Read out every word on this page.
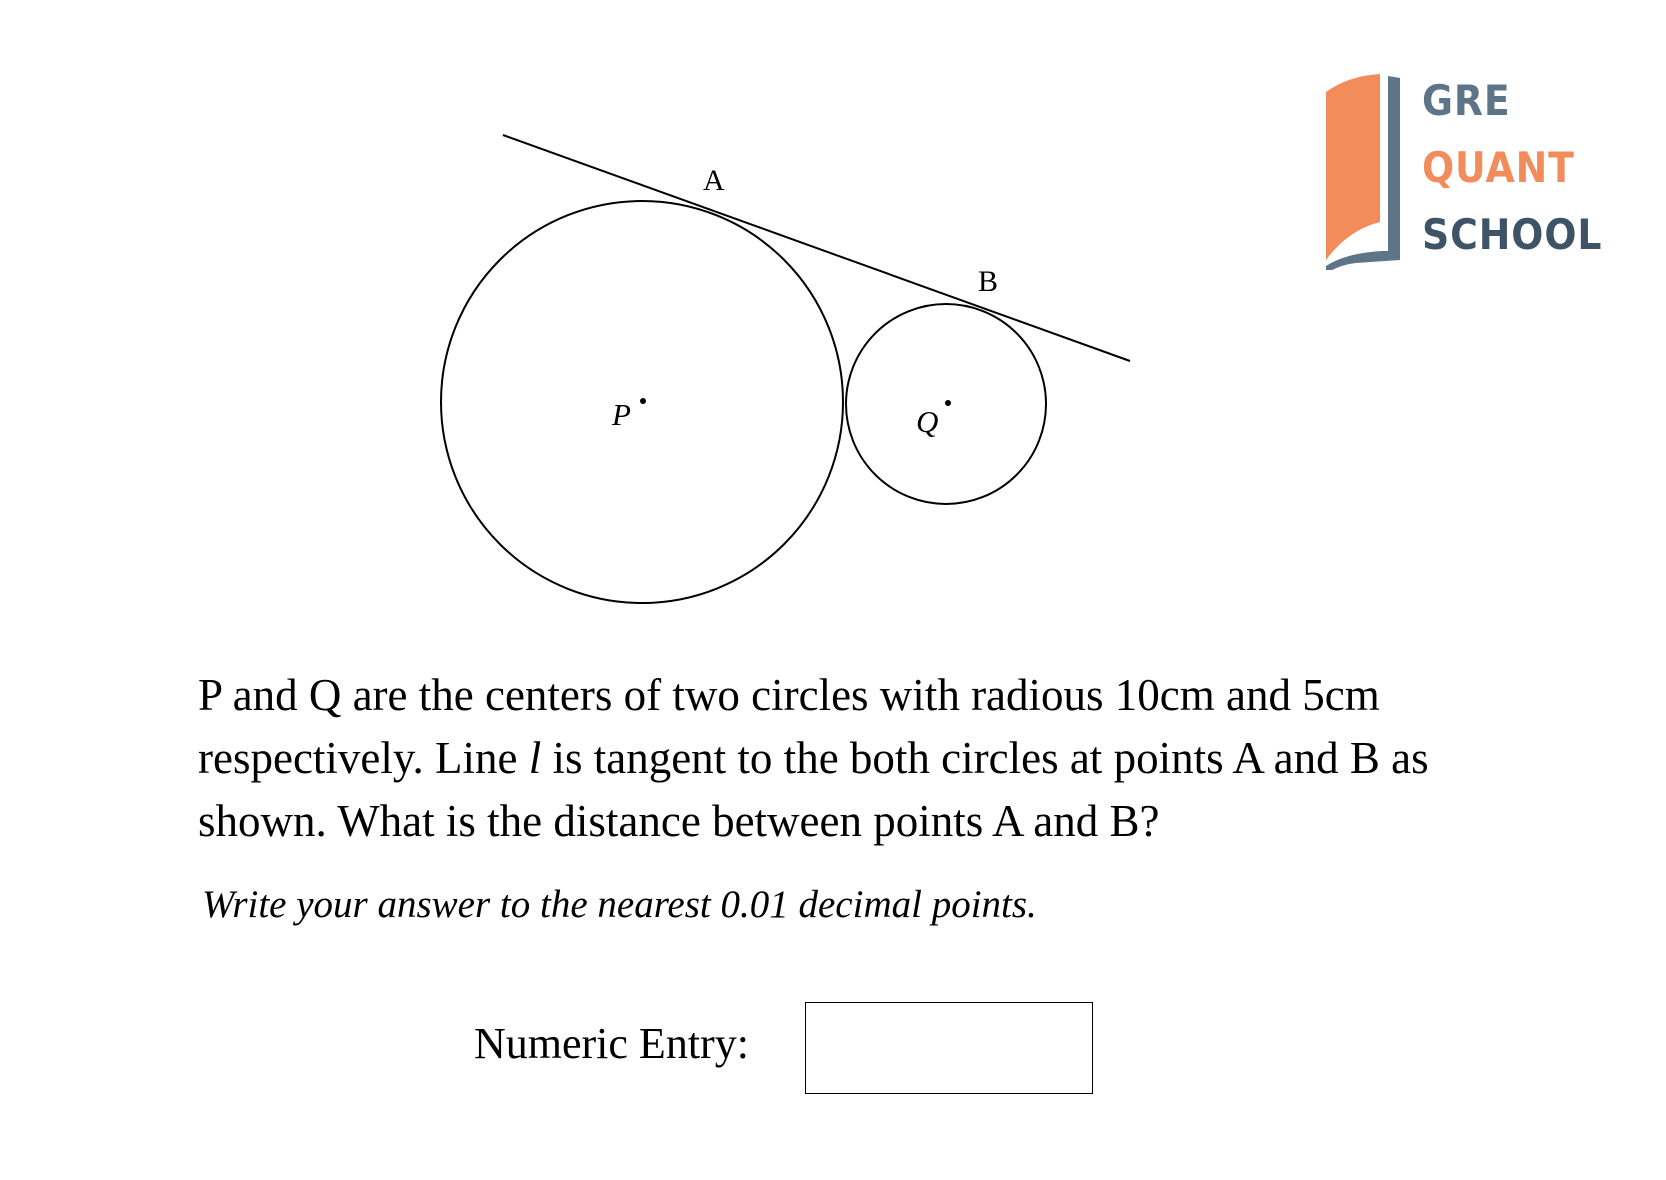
A
B
P	Q
GRE
QUANT
SCHOOL

P and Q are the centers of two circles with radious 10cm and 5cm respectively. Line l is tangent to the both circles at points A and B as shown. What is the distance between points A and B?

Write your answer to the nearest 0.01 decimal points.
Numeric Entry:
